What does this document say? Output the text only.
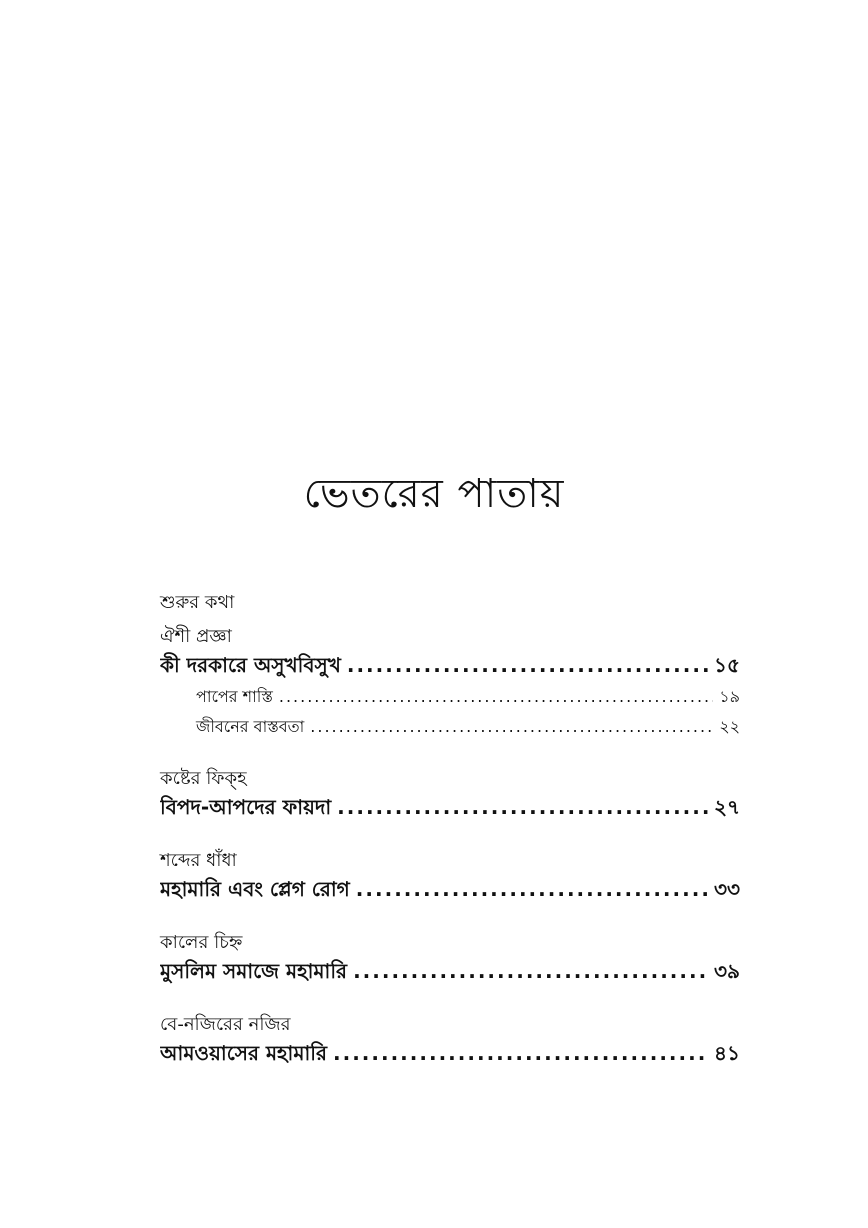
ভেতরের পাতায়
শুরুর কথা
ঐশী প্রজ্ঞা
কী দরকারে অসুখবিসুখ .....	১৫
পাপের শাস্তি .....	১৯
জীবনের বাস্তবতা .....	২২
কষ্টের ফিক্‌হ
বিপদ-আপদের ফায়দা .....	২৭
শব্দের ধাঁধা
মহামারি এবং প্লেগ রোগ .....	৩৩
কালের চিহ্ন
মুসলিম সমাজে মহামারি .....	৩৯
বে-নজিরের নজির
আমওয়াসের মহামারি .....	৪১
